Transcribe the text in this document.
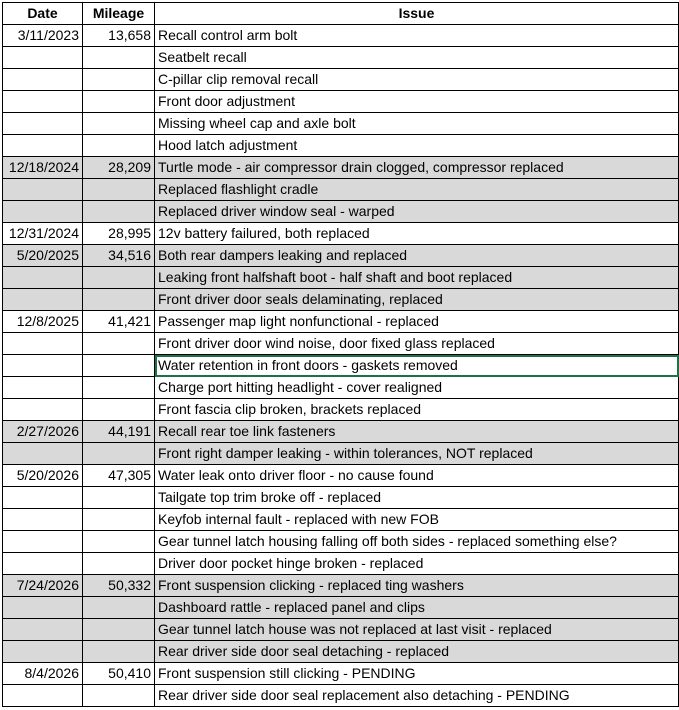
Date	Mileage	Issue
3/11/2023	13,658	Recall control arm bolt
		Seatbelt recall
		C-pillar clip removal recall
		Front door adjustment
		Missing wheel cap and axle bolt
		Hood latch adjustment
12/18/2024	28,209	Turtle mode - air compressor drain clogged, compressor replaced
		Replaced flashlight cradle
		Replaced driver window seal - warped
12/31/2024	28,995	12v battery failured, both replaced
5/20/2025	34,516	Both rear dampers leaking and replaced
		Leaking front halfshaft boot - half shaft and boot replaced
		Front driver door seals delaminating, replaced
12/8/2025	41,421	Passenger map light nonfunctional - replaced
		Front driver door wind noise, door fixed glass replaced
		Water retention in front doors - gaskets removed
		Charge port hitting headlight - cover realigned
		Front fascia clip broken, brackets replaced
2/27/2026	44,191	Recall rear toe link fasteners
		Front right damper leaking - within tolerances, NOT replaced
5/20/2026	47,305	Water leak onto driver floor - no cause found
		Tailgate top trim broke off - replaced
		Keyfob internal fault - replaced with new FOB
		Gear tunnel latch housing falling off both sides - replaced something else?
		Driver door pocket hinge broken - replaced
7/24/2026	50,332	Front suspension clicking - replaced ting washers
		Dashboard rattle - replaced panel and clips
		Gear tunnel latch house was not replaced at last visit - replaced
		Rear driver side door seal detaching - replaced
8/4/2026	50,410	Front suspension still clicking - PENDING
		Rear driver side door seal replacement also detaching - PENDING
